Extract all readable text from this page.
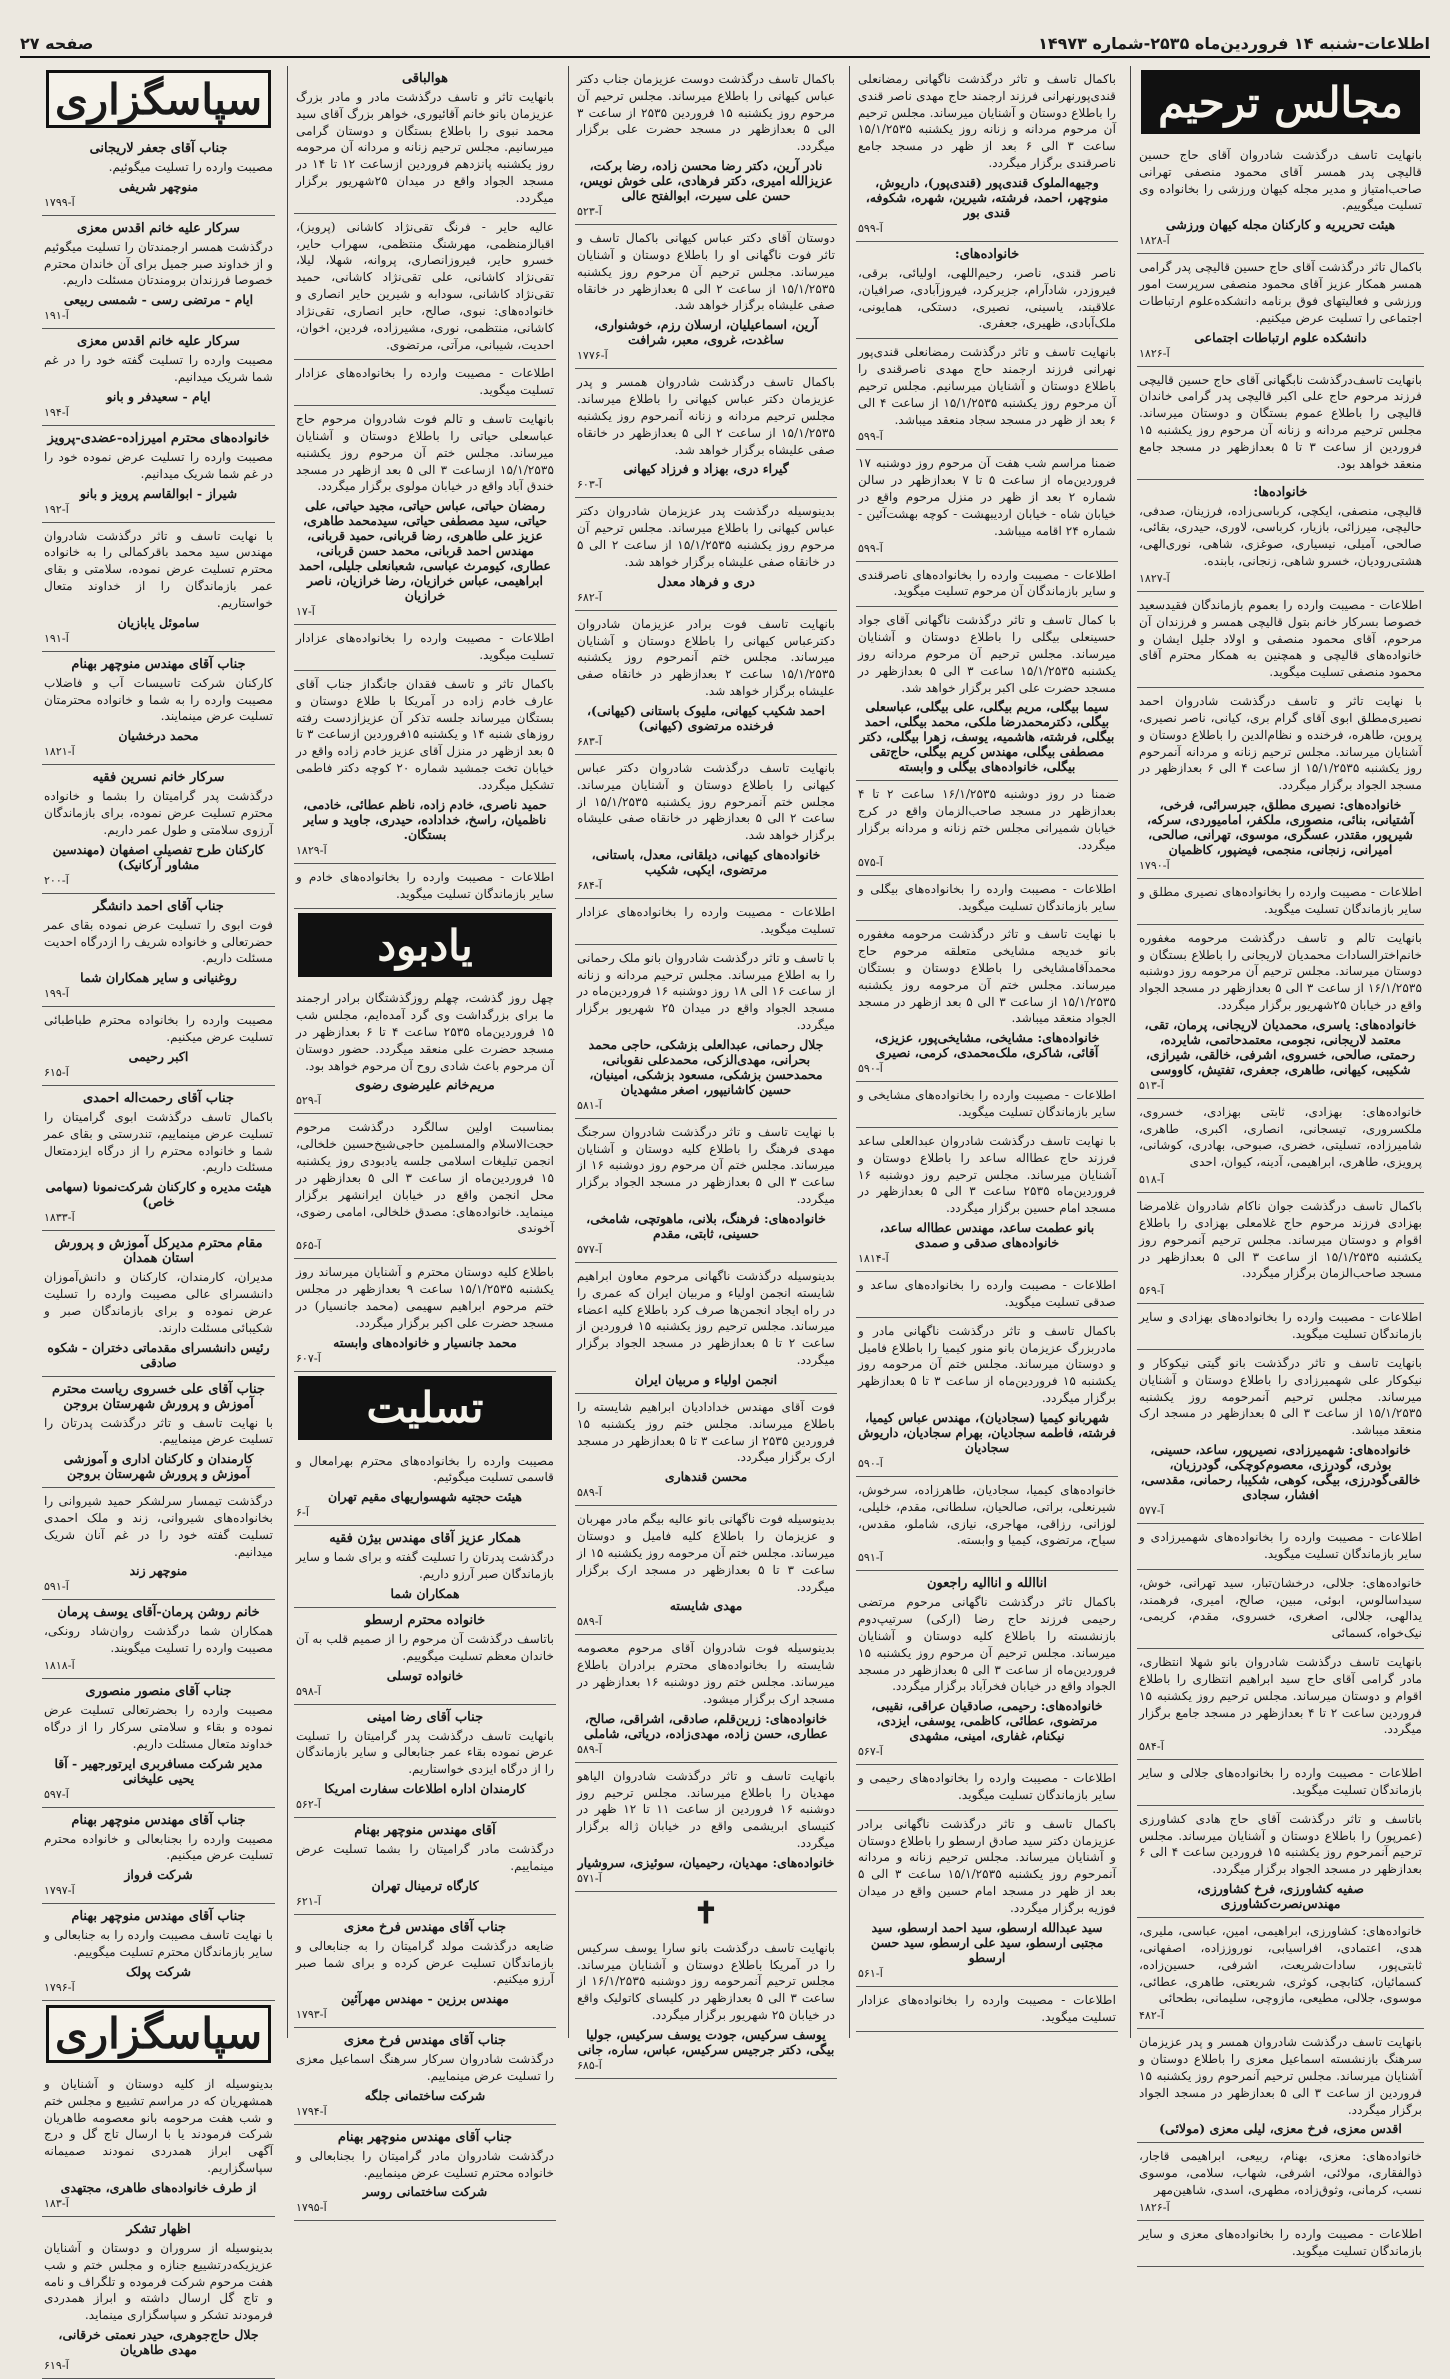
اطلاعات-شنبه ۱۴ فروردین‌ماه ۲۵۳۵-شماره ۱۴۹۷۳
صفحه ۲۷
مجالس ترحیم
بانهایت تاسف درگذشت شادروان آقای حاج حسین قالیچی پدر همسر آقای محمود منصفی تهرانی صاحب‌امتیاز و مدیر مجله کیهان ورزشی را بخانواده وی تسلیت میگوییم.
هیئت تحریریه و کارکنان مجله کیهان ورزشی
آ-۱۸۲۸
باکمال تاثر درگذشت آقای حاج حسین قالیچی پدر گرامی همسر همکار عزیز آقای محمود منصفی سرپرست امور ورزشی و فعالیتهای فوق برنامه دانشکده‌علوم ارتباطات اجتماعی را تسلیت عرض میکنیم.
دانشکده علوم ارتباطات اجتماعی
آ-۱۸۲۶
بانهایت تاسف‌درگذشت نابگهانی آقای حاج حسین قالیچی فرزند مرحوم حاج علی اکبر قالیچی پدر گرامی خاندان قالیچی را باطلاع عموم بستگان و دوستان میرساند. مجلس ترحیم مردانه و زنانه آن مرحوم روز یکشنبه ۱۵ فروردین از ساعت ۳ تا ۵ بعدازظهر در مسجد جامع منعقد خواهد بود.
خانواده‌ها:
قالیچی، منصفی، ایکچی، کرباسی‌زاده، فرزینان، صدفی، حالیچی، میرزائی، بازیار، کرباسی، لاوری، حیدری، بقائی، صالحی، آمیلی، نیسیاری، صوغزی، شاهی، نوری‌الهی، هشتی‌رودیان، خسرو شاهی، زنجانی، بابنده.
آ-۱۸۲۷
اطلاعات - مصیبت وارده را بعموم بازماندگان فقیدسعید خصوصا بسرکار خانم بتول قالیچی همسر و فرزندان آن مرحوم، آقای محمود منصفی و اولاد جلیل ایشان و خانواده‌های قالیچی و همچنین به همکار محترم آقای محمود منصفی تسلیت میگوید.
با نهایت تاثر و تاسف درگذشت شادروان احمد نصیری‌مطلق ابوی آقای گرام بری، کیانی، ناصر نصیری، پروین، طاهره، فرخنده و نظام‌الدین را باطلاع دوستان و آشنایان میرساند. مجلس ترحیم زنانه و مردانه آنمرحوم روز یکشنبه ۱۵/۱/۲۵۳۵ از ساعت ۴ الی ۶ بعدازظهر در مسجد الجواد برگزار میگردد.
خانواده‌های: نصیری مطلق، جبرسرائی، فرخی، آشتیانی، بنائی، منصوری، ملکفر، امامیوردی، سرکه، شیرپور، مقتدر، عسگری، موسوی، تهرانی، صالحی، امیرانی، زنجانی، منجمی، فیضپور، کاظمیان
آ-۱۷۹۰
اطلاعات - مصیبت وارده را بخانواده‌های نصیری مطلق و سایر بازماندگان تسلیت میگوید.
بانهایت تالم و تاسف درگذشت مرحومه مغفوره خانم‌اختر‌السادات محمدیان لاریجانی را باطلاع بستگان و دوستان میرساند. مجلس ترحیم آن مرحومه روز دوشنبه ۱۶/۱/۲۵۳۵ از ساعت ۳ الی ۵ بعدازظهر در مسجد الجواد واقع در خیابان ۲۵شهریور برگزار میگردد.
خانواده‌های: یاسری، محمدیان لاریجانی، پرمان، تقی، معتمد لاریجانی، نجومی، معتمدحاتمی، شایرده، رحمتی، صالحی، خسروی، اشرفی، خالقی، شیرازی، شکیبی، کیهانی، طاهری، جعفری، تفتیش، کاووسی
آ-۵۱۳
خانواده‌های: بهزادی، ثابتی بهزادی، خسروی، ملکسروری، تیسجانی، انصاری، اکبری، طاهری، شامیرزاده، تسلیتی، خضری، صبوحی، بهادری، کوشانی، پرویزی، طاهری، ابراهیمی، آدینه، کیوان، احدی
آ-۵۱۸
باکمال تاسف درگذشت جوان ناکام شادروان غلامرضا بهزادی فرزند مرحوم حاج غلامعلی بهزادی را باطلاع اقوام و دوستان میرساند. مجلس ترحیم آنمرحوم روز یکشنبه ۱۵/۱/۲۵۳۵ از ساعت ۳ الی ۵ بعدازظهر در مسجد صاحب‌الزمان برگزار میگردد.
آ-۵۶۹
اطلاعات - مصیبت وارده را بخانواده‌های بهزادی و سایر بازماندگان تسلیت میگوید.
بانهایت تاسف و تاثر درگذشت بانو گیتی نیکوکار و نیکوکار علی شهمیرزادی را باطلاع دوستان و آشنایان میرساند. مجلس ترحیم آنمرحومه روز یکشنبه ۱۵/۱/۲۵۳۵ از ساعت ۳ الی ۵ بعدازظهر در مسجد ارک منعقد میباشد.
خانواده‌های: شهمیرزادی، نصیرپور، ساعد، حسینی، بوذری، گودرزی، معصوم‌کوچکی، گودرزیان، خالقی‌گودرزی، بیگی، کوهی، شکیبا، رحمانی، مقدسی، افشار، سجادی
آ-۵۷۷
اطلاعات - مصیبت وارده را بخانواده‌های شهمیرزادی و سایر بازماندگان تسلیت میگوید.
خانواده‌های: جلالی، درخشان‌تبار، سید تهرانی، خوش، سیداسالوس، ابوئی، مبین، صالح، امیری، فرهمند، یدالهی، جلالی، اصغری، خسروی، مقدم، کریمی، نیک‌خواه، کسمائی
بانهایت تاسف درگذشت شادروان بانو شهلا انتظاری، مادر گرامی آقای حاج سید ابراهیم انتظاری را باطلاع اقوام و دوستان میرساند. مجلس ترحیم روز یکشنبه ۱۵ فروردین ساعت ۲ تا ۴ بعدازظهر در مسجد جامع برگزار میگردد.
آ-۵۸۴
اطلاعات - مصیبت وارده را بخانواده‌های جلالی و سایر بازماندگان تسلیت میگوید.
باتاسف و تاثر درگذشت آقای حاج هادی کشاورزی (عمرپور) را باطلاع دوستان و آشنایان میرساند. مجلس ترحیم آنمرحوم روز یکشنبه ۱۵ فروردین ساعت ۴ الی ۶ بعدازظهر در مسجد الجواد برگزار میگردد.
صفیه کشاورزی، فرخ کشاورزی، مهندس‌نصرت‌کشاورزی
خانواده‌های: کشاورزی، ابراهیمی، امین، عباسی، ملیری، هدی، اعتمادی، افراسیابی، نوروززاده، اصفهانی، ثابتی‌پور، سادات‌شریعت، اشرفی، حسین‌زاده، کسمائیان، کتابچی، کوثری، شریعتی، طاهری، عطائی، موسوی، جلالی، مطیعی، مازوچی، سلیمانی، بطحائی
آ-۴۸۲
بانهایت تاسف درگذشت شادروان همسر و پدر عزیزمان سرهنگ بازنشسته‌ اسماعیل معزی را باطلاع دوستان و آشنایان میرساند. مجلس ترحیم آنمرحوم روز یکشنبه ۱۵ فروردین از ساعت ۳ الی ۵ بعدازظهر در مسجد الجواد برگزار میگردد.
اقدس معزی، فرخ معزی، لیلی معزی (مولائی)
خانواده‌های: معزی، بهنام، ربیعی، ابراهیمی قاجار، ذوالفقاری، مولائی، اشرفی، شهاب، سلامی، موسوی نسب، کرمانی، وثوق‌زاده، مطهری، اسدی، شاهین‌مهر
آ-۱۸۲۶
اطلاعات - مصیبت وارده را بخانواده‌های معزی و سایر بازماندگان تسلیت میگوید.
باکمال تاسف و تاثر درگذشت ناگهانی رمضانعلی قندی‌پور‌نهرانی فرزند ارجمند حاج مهدی ناصر قندی را باطلاع دوستان و آشنایان میرساند. مجلس ترحیم آن مرحوم مردانه و زنانه روز یکشنبه ۱۵/۱/۲۵۳۵ ساعت ۳ الی ۶ بعد از ظهر در مسجد جامع ناصرقندی برگزار میگردد.
وجیهه‌الملوک قندی‌پور (قندی‌پور)، داریوش، منوچهر، احمد، فرشته، شیرین، شهره، شکوفه، قندی بور
آ-۵۹۹
خانواده‌های:
ناصر قندی، ناصر، رحیم‌اللهی، اولیائی، برقی، فیروزدر، شادآرام، جزیرکرد، فیروزآبادی، صرافیان، علاقبند، یاسینی، نصیری، دستکی، همایونی، ملک‌آبادی، ظهیری، جعفری.
بانهایت تاسف و تاثر درگذشت رمضانعلی قندی‌پور نهرانی فرزند ارجمند حاج مهدی ناصرقندی را باطلاع دوستان و آشنایان میرسانیم. مجلس ترحیم آن مرحوم روز یکشنبه ۱۵/۱/۲۵۳۵ از ساعت ۴ الی ۶ بعد از ظهر در مسجد سجاد منعقد میباشد.
آ-۵۹۹
ضمنا مراسم شب هفت آن مرحوم روز دوشنبه ۱۷ فروردین‌ماه از ساعت ۵ تا ۷ بعدازظهر در سالن شماره ۲ بعد از ظهر در منزل مرحوم واقع در خیابان شاه - خیابان اردیبهشت - کوچه بهشت‌آئین - شماره ۲۴ اقامه میباشد.
آ-۵۹۹
اطلاعات - مصیبت وارده را بخانواده‌های ناصرقندی و سایر بازماندگان آن مرحوم تسلیت میگوید.
با کمال تاسف و تاثر درگذشت ناگهانی آقای جواد حسینعلی بیگلی را باطلاع دوستان و آشنایان میرساند. مجلس ترحیم آن مرحوم مردانه روز یکشنبه ۱۵/۱/۲۵۳۵ ساعت ۳ الی ۵ بعدازظهر در مسجد حضرت علی اکبر برگزار خواهد شد.
سیما بیگلی، مریم بیگلی، علی بیگلی، عباسعلی بیگلی، دکترمحمدرضا ملکی، محمد بیگلی، احمد بیگلی، فرشته، هاشمیه، یوسف، زهرا بیگلی، دکتر مصطفی بیگلی، مهندس کریم بیگلی، حاج‌تقی بیگلی، خانواده‌های بیگلی و وابسته
ضمنا در روز دوشنبه ۱۶/۱/۲۵۳۵ ساعت ۲ تا ۴ بعدازظهر در مسجد صاحب‌الزمان واقع در کرج خیابان شمیرانی مجلس ختم زنانه و مردانه برگزار میگردد.
آ-۵۷۵
اطلاعات - مصیبت وارده را بخانواده‌های بیگلی و سایر بازماندگان تسلیت میگوید.
با نهایت تاسف و تاثر درگذشت مرحومه مغفوره بانو خدیجه مشایخی متعلقه مرحوم حاج محمدآقامشایخی را باطلاع دوستان و بستگان میرساند. مجلس ختم آن مرحومه روز یکشنبه ۱۵/۱/۲۵۳۵ از ساعت ۳ الی ۵ بعد ازظهر در مسجد الجواد منعقد میباشد.
خانواده‌های: مشایخی، مشایخی‌پور، عزیزی، آقائی، شاکری، ملک‌محمدی، کرمی، نصیری
آ-۵۹۰
اطلاعات - مصیبت وارده را بخانواده‌های مشایخی و سایر بازماندگان تسلیت میگوید.
با نهایت تاسف درگذشت شادروان عبدالعلی ساعد فرزند حاج عطااله ساعد را باطلاع دوستان و آشنایان میرساند. مجلس ترحیم روز دوشنبه ۱۶ فروردین‌ماه ۲۵۳۵ ساعت ۳ الی ۵ بعدازظهر در مسجد امام حسین برگزار میگردد.
بانو عطمت ساعد، مهندس عطااله ساعد، خانواده‌های صدقی و صمدی
آ-۱۸۱۴
اطلاعات - مصیبت وارده را بخانواده‌های ساعد و صدقی تسلیت میگوید.
باکمال تاسف و تاثر درگذشت ناگهانی مادر و مادربزرگ عزیزمان بانو منور کیمیا را باطلاع فامیل و دوستان میرساند. مجلس ختم آن مرحومه روز یکشنبه ۱۵ فروردین‌ماه از ساعت ۳ تا ۵ بعدازظهر برگزار میگردد.
شهربانو کیمیا (سجادیان)، مهندس عباس کیمیا، فرشته، فاطمه سجادیان، بهرام سجادیان، داریوش سجادیان
آ-۵۹۰
خانواده‌های کیمیا، سجادیان، طاهرزاده، سرخوش، شیرنعلی، براتی، صالحیان، سلطانی، مقدم، خلیلی، لوزانی، رزاقی، مهاجری، نیازی، شاملو، مقدس، سیاح، مرتضوی، کیمیا و وابسته.
آ-۵۹۱
اناالله و اناالیه راجعون
باکمال تاثر درگذشت ناگهانی مرحوم مرتضی رحیمی فرزند حاج رضا (ارکی) سرتیپ‌دوم بازنشسته را باطلاع کلیه دوستان و آشنایان میرساند. مجلس ترحیم آن مرحوم روز یکشنبه ۱۵ فروردین‌ماه از ساعت ۳ الی ۵ بعدازظهر در مسجد الجواد واقع در خیابان فخرآباد برگزار میگردد.
خانواده‌های: رحیمی، صادقیان عراقی، نقیبی، مرتضوی، عطائی، کاظمی، یوسفی، ایزدی، نیکنام، غفاری، امینی، مشهدی
آ-۵۶۷
اطلاعات - مصیبت وارده را بخانواده‌های رحیمی و سایر بازماندگان تسلیت میگوید.
باکمال تاسف و تاثر درگذشت ناگهانی برادر عزیزمان دکتر سید صادق ارسطو را باطلاع دوستان و آشنایان میرساند. مجلس ترحیم زنانه و مردانه آنمرحوم روز یکشنبه ۱۵/۱/۲۵۳۵ ساعت ۳ الی ۵ بعد از ظهر در مسجد امام حسین واقع در میدان فوزیه برگزار میگردد.
سید عبدالله ارسطو، سید احمد ارسطو، سید مجتبی ارسطو، سید علی ارسطو، سید حسن ارسطو
آ-۵۶۱
اطلاعات - مصیبت وارده را بخانواده‌های عزادار تسلیت میگوید.
باکمال تاسف درگذشت دوست عزیزمان جناب دکتر عباس کیهانی را باطلاع میرساند. مجلس ترحیم آن مرحوم روز یکشنبه ۱۵ فروردین ۲۵۳۵ از ساعت ۳ الی ۵ بعدازظهر در مسجد حضرت علی برگزار میگردد.
نادر آرین، دکتر رضا محسن زاده، رضا برکت، عزیزالله امیری، دکتر فرهادی، علی خوش نویس، حسن علی سیرت، ابوالفتح عالی
آ-۵۲۳
دوستان آقای دکتر عباس کیهانی باکمال تاسف و تاثر فوت ناگهانی او را باطلاع دوستان و آشنایان میرساند. مجلس ترحیم آن مرحوم روز یکشنبه ۱۵/۱/۲۵۳۵ از ساعت ۲ الی ۵ بعدازظهر در خانقاه صفی علیشاه برگزار خواهد شد.
آرین، اسماعیلیان، ارسلان رزم، خوشنواری، ساغدت، غروی، معبر، شرافت
آ-۱۷۷۶
باکمال تاسف درگذشت شادروان همسر و پدر عزیزمان دکتر عباس کیهانی را باطلاع میرساند. مجلس ترحیم مردانه و زنانه آنمرحوم روز یکشنبه ۱۵/۱/۲۵۳۵ از ساعت ۲ الی ۵ بعدازظهر در خانقاه صفی علیشاه برگزار خواهد شد.
گیراء دری، بهزاد و فرزاد کیهانی
آ-۶۰۳
بدینوسیله درگذشت پدر عزیزمان شادروان دکتر عباس کیهانی را باطلاع میرساند. مجلس ترحیم آن مرحوم روز یکشنبه ۱۵/۱/۲۵۳۵ از ساعت ۲ الی ۵ در خانقاه صفی علیشاه برگزار خواهد شد.
دری و فرهاد معدل
آ-۶۸۲
بانهایت تاسف فوت برادر عزیزمان شادروان دکترعباس کیهانی را باطلاع دوستان و آشنایان میرساند. مجلس ختم آنمرحوم روز یکشنبه ۱۵/۱/۲۵۳۵ ساعت ۲ بعدازظهر در خانقاه صفی علیشاه برگزار خواهد شد.
احمد شکیب کیهانی، ملیوک باستانی (کیهانی)، فرخنده مرتضوی (کیهانی)
آ-۶۸۳
بانهایت تاسف درگذشت شادروان دکتر عباس کیهانی را باطلاع دوستان و آشنایان میرساند. مجلس ختم آنمرحوم روز یکشنبه ۱۵/۱/۲۵۳۵ از ساعت ۲ الی ۵ بعدازظهر در خانقاه صفی علیشاه برگزار خواهد شد.
خانواده‌های کیهانی، دیلقانی، معدل، باستانی، مرتضوی، ایکپی، شکیب
آ-۶۸۴
اطلاعات - مصیبت وارده را بخانواده‌های عزادار تسلیت میگوید.
با تاسف و تاثر درگذشت شادروان بانو ملک رحمانی را به اطلاع میرساند. مجلس ترحیم مردانه و زنانه از ساعت ۱۶ الی ۱۸ روز دوشنبه ۱۶ فروردین‌ماه در مسجد الجواد واقع در میدان ۲۵ شهریور برگزار میگردد.
جلال رحمانی، عبدالعلی بزشکی، حاجی محمد بحرانی، مهدی‌الزکی، محمدعلی نقوبانی، محمدحسن بزشکی، مسعود بزشکی، امینیان، حسین کاشانیپور، اصغر مشهدیان
آ-۵۸۱
با نهایت تاسف و تاثر درگذشت شادروان سرجنگ مهدی فرهنگ را باطلاع کلیه دوستان و آشنایان میرساند. مجلس ختم آن مرحوم روز دوشنبه ۱۶ از ساعت ۳ الی ۵ بعدازظهر در مسجد الجواد برگزار میگردد.
خانواده‌های: فرهنگ، بلانی، ماهوتچی، شامخی، حسینی، ثابتی، مقدم
آ-۵۷۷
بدینوسیله درگذشت ناگهانی مرحوم معاون ابراهیم شایسته انجمن اولیاء و مربیان ایران که عمری را در راه ایجاد انجمن‌ها صرف کرد باطلاع کلیه اعضاء میرساند. مجلس ترحیم روز یکشنبه ۱۵ فروردین از ساعت ۲ تا ۵ بعدازظهر در مسجد الجواد برگزار میگردد.
انجمن اولیاء و مربیان ایران
فوت آقای مهندس خدادادیان ابراهیم شایسته را باطلاع میرساند. مجلس ختم روز یکشنبه ۱۵ فروردین ۲۵۳۵ از ساعت ۳ تا ۵ بعدازظهر در مسجد ارک برگزار میگردد.
محسن قندهاری
آ-۵۸۹
بدینوسیله فوت ناگهانی بانو عالیه بیگم مادر مهربان و عزیزمان را باطلاع کلیه فامیل و دوستان میرساند. مجلس ختم آن مرحومه روز یکشنبه ۱۵ از ساعت ۳ تا ۵ بعدازظهر در مسجد ارک برگزار میگردد.
مهدی شایسته
آ-۵۸۹
بدینوسیله فوت شادروان آقای مرحوم معصومه شایسته را بخانواده‌های محترم برادران باطلاع میرساند. مجلس ختم روز دوشنبه ۱۶ بعدازظهر در مسجد ارک برگزار میشود.
خانواده‌های: زرین‌قلم، صادقی، اشراقی، صالح، عطاری، حسن زاده، مهدی‌زاده، دریاتی، شاملی
آ-۵۸۹
بانهایت تاسف و تاثر درگذشت شادروان الیاهو مهدیان را باطلاع میرساند. مجلس ترحیم روز دوشنبه ۱۶ فروردین از ساعت ۱۱ تا ۱۲ ظهر در کنیسای ابریشمی واقع در خیابان ژاله برگزار میگردد.
خانواده‌های: مهدیان، رحیمیان، سوئیزی، سروشیار
آ-۵۷۱
✝
بانهایت تاسف درگذشت بانو سارا یوسف سرکیس را در آمریکا باطلاع دوستان و آشنایان میرساند. مجلس ترحیم آنمرحومه روز دوشنبه ۱۶/۱/۲۵۳۵ از ساعت ۳ الی ۵ بعدازظهر در کلیسای کاتولیک واقع در خیابان ۲۵ شهریور برگزار میگردد.
یوسف سرکیس، جودت یوسف سرکیس، جولیا بیگی، دکتر جرجیس سرکیس، عباس، ساره، جانی
آ-۶۸۵
هوالباقی
بانهایت تاثر و تاسف درگذشت مادر و مادر بزرگ عزیزمان بانو خانم آقائیوری، خواهر بزرگ آقای سید محمد نبوی را باطلاع بستگان و دوستان گرامی میرسانیم. مجلس ترحیم زنانه و مردانه آن مرحومه روز یکشنبه پانزدهم فروردین ازساعت ۱۲ تا ۱۴ در مسجد الجواد واقع در میدان ۲۵شهریور برگزار میگردد.
عالیه حایر - فرنگ تقی‌نژاد کاشانی (پرویز)، اقبالزمنظمی، مهرشنگ منتظمی، سهراب حایر، خسرو حایر، فیروزانصاری، پروانه، شهلا، لیلا، تقی‌نژاد کاشانی، علی تقی‌نژاد کاشانی، حمید تقی‌نژاد کاشانی، سودابه و شیرین حایر انصاری و خانواده‌های: نبوی، صالح، حایر انصاری، تقی‌نژاد کاشانی، منتظمی، نوری، مشیرزاده، فردین، اخوان، احدیت، شیبانی، مرآتی، مرتضوی.
اطلاعات - مصیبت وارده را بخانواده‌های عزادار تسلیت میگوید.
بانهایت تاسف و تالم فوت شادروان مرحوم حاج عباسعلی حیاتی را باطلاع دوستان و آشنایان میرساند. مجلس ختم آن مرحوم روز یکشنبه ۱۵/۱/۲۵۳۵ ازساعت ۳ الی ۵ بعد ازظهر در مسجد خندق آباد واقع در خیابان مولوی برگزار میگردد.
رمضان حیاتی، عباس حیاتی، مجید حیاتی، علی حیاتی، سید مصطفی حیاتی، سیدمحمد طاهری، عزیز علی طاهری، رضا قربانی، حمید قربانی، مهندس احمد قربانی، محمد حسن قربانی، عطاری، کیومرث عباسی، شعبانعلی جلیلی، احمد ابراهیمی، عباس خرازیان، رضا خرازیان، ناصر خرازیان
آ-۱۷
اطلاعات - مصیبت وارده را بخانواده‌های عزادار تسلیت میگوید.
باکمال تاثر و تاسف فقدان جانگداز جناب آقای عارف خادم زاده در آمریکا با طلاع دوستان و بستگان میرساند جلسه تذکر آن عزیزازدست رفته روزهای شنبه ۱۴ و یکشنبه ۱۵فروردین ازساعت ۳ تا ۵ بعد ازظهر در منزل آقای عزیز خادم زاده واقع در خیابان تخت جمشید شماره ۲۰ کوچه دکتر فاطمی تشکیل میگردد.
حمید ناصری، خادم زاده، ناظم عطائی، خادمی، ناظمیان، راسخ، خداداده، حیدری، جاوید و سایر بستگان.
آ-۱۸۲۹
اطلاعات - مصیبت وارده را بخانواده‌های خادم و سایر بازماندگان تسلیت میگوید.
یادبود
چهل روز گذشت، چهلم روزگذشتگان برادر ارجمند ما برای بزرگداشت وی گرد آمده‌ایم، مجلس شب ۱۵ فروردین‌ماه ۲۵۳۵ ساعت ۴ تا ۶ بعدازظهر در مسجد حضرت علی منعقد میگردد. حضور دوستان آن مرحوم باعث شادی روح آن مرحوم خواهد بود.
مریم‌خانم علیرضوی رضوی
آ-۵۲۹
بمناسبت اولین سالگرد درگذشت مرحوم حجت‌الاسلام والمسلمین حاجی‌شیخ‌حسین خلخالی، انجمن تبلیغات اسلامی جلسه یادبودی روز یکشنبه ۱۵ فروردین‌ماه از ساعت ۳ الی ۵ بعدازظهر در محل انجمن واقع در خیابان ایرانشهر برگزار مینماید. خانواده‌های: مصدق خلخالی، امامی رضوی، آخوندی
آ-۵۶۵
باطلاع کلیه دوستان محترم و آشنایان میرساند روز یکشنبه ۱۵/۱/۲۵۳۵ ساعت ۹ بعدازظهر در مجلس ختم مرحوم ابراهیم سهیمی (محمد جانسیار) در مسجد حضرت علی اکبر برگزار میگردد.
محمد جانسیار و خانواده‌های وابسته
آ-۶۰۷
تسلیت
مصیبت وارده را بخانواده‌های محترم بهرامعال و قاسمی تسلیت میگوئیم.
هیئت حجتیه شهسواریهای مقیم تهران
آ-۶
همکار عزیز آقای مهندس بیژن فقیه
درگذشت پدرتان را تسلیت گفته و برای شما و سایر بازماندگان صبر آرزو داریم.
همکاران شما
خانواده محترم ارسطو
باتاسف درگذشت آن مرحوم را از صمیم قلب به آن خاندان معظم تسلیت میگوییم.
خانواده توسلی
آ-۵۹۸
جناب آقای رضا امینی
بانهایت تاسف درگذشت پدر گرامیتان را تسلیت عرض نموده بقاء عمر جنابعالی و سایر بازماندگان را از درگاه ایزدی خواستاریم.
کارمندان اداره اطلاعات سفارت امریکا
آ-۵۶۲
آقای مهندس منوچهر بهنام
درگذشت مادر گرامیتان را بشما تسلیت عرض مینماییم.
کارگاه ترمینال تهران
آ-۶۲۱
جناب آقای مهندس فرخ معزی
ضایعه درگذشت مولد گرامیتان را به جنابعالی و بازماندگان تسلیت عرض کرده و برای شما صبر آرزو میکنیم.
مهندس برزین - مهندس مهرآئین
آ-۱۷۹۳
جناب آقای مهندس فرخ معزی
درگذشت شادروان سرکار سرهنگ اسماعیل معزی را تسلیت عرض مینماییم.
شرکت ساختمانی جلگه
آ-۱۷۹۴
جناب آقای مهندس منوچهر بهنام
درگذشت شادروان مادر گرامیتان را بجنابعالی و خانواده محترم تسلیت عرض مینماییم.
شرکت ساختمانی روسر
آ-۱۷۹۵
سپاسگزاری
جناب آقای جعفر لاریجانی
مصیبت وارده را تسلیت میگوئیم.
منوچهر شریفی
آ-۱۷۹۹
سرکار علیه خانم اقدس معزی
درگذشت همسر ارجمندتان را تسلیت میگوئیم و از خداوند صبر جمیل برای آن خاندان محترم خصوصا فرزندان برومندتان مسئلت داریم.
ایام - مرتضی رسی - شمسی ربیعی
آ-۱۹۱
سرکار علیه خانم اقدس معزی
مصیبت وارده را تسلیت گفته خود را در غم شما شریک میدانیم.
ایام - سعیدفر و بانو
آ-۱۹۴
خانواده‌های محترم امیرزاده-عضدی-پرویز
مصیبت وارده را تسلیت عرض نموده خود را در غم شما شریک میدانیم.
شیراز - ابوالقاسم پرویز و بانو
آ-۱۹۲
با نهایت تاسف و تاثر درگذشت شادروان مهندس سید محمد باقرکمالی را به خانواده محترم تسلیت عرض نموده، سلامتی و بقای عمر بازماندگان را از خداوند متعال خواستاریم.
ساموئل یابازیان
آ-۱۹۱
جناب آقای مهندس منوچهر بهنام
کارکنان شرکت تاسیسات آب و فاضلاب مصیبت وارده را به شما و خانواده محترمتان تسلیت عرض مینمایند.
محمد درخشیان
آ-۱۸۲۱
سرکار خانم نسرین فقیه
درگذشت پدر گرامیتان را بشما و خانواده محترم تسلیت عرض نموده، برای بازماندگان آرزوی سلامتی و طول عمر داریم.
کارکنان طرح تفصیلی اصفهان (مهندسین مشاور آرکانیک)
آ-۲۰۰
جناب آقای احمد دانشگر
فوت ابوی را تسلیت عرض نموده بقای عمر حضرتعالی و خانواده شریف را ازدرگاه احدیت مسئلت داریم.
روغنیانی و سایر همکاران شما
آ-۱۹۹
مصیبت وارده را بخانواده محترم طباطبائی تسلیت عرض میکنیم.
اکبر رحیمی
آ-۶۱۵
جناب آقای رحمت‌اله احمدی
باکمال تاسف درگذشت ابوی گرامیتان را تسلیت عرض مینماییم، تندرستی و بقای عمر شما و خانواده محترم را از درگاه ایزدمتعال مسئلت داریم.
هیئت مدیره و کارکنان شرکت‌نمونا (سهامی خاص)
آ-۱۸۳۳
مقام محترم مدیرکل آموزش و پرورش استان همدان
مدیران، کارمندان، کارکنان و دانش‌آموزان دانشسرای عالی مصیبت وارده را تسلیت عرض نموده و برای بازماندگان صبر و شکیبائی مسئلت دارند.
رئیس دانشسرای مقدماتی دختران - شکوه صادقی
جناب آقای علی خسروی ریاست محترم آموزش و پرورش شهرستان بروجن
با نهایت تاسف و تاثر درگذشت پدرتان را تسلیت عرض مینماییم.
کارمندان و کارکنان اداری و آموزشی آموزش و پرورش شهرستان بروجن
درگذشت تیمسار سرلشکر حمید شیروانی را بخانواده‌های شیروانی، زند و ملک احمدی تسلیت گفته خود را در غم آنان شریک میدانیم.
منوچهر زند
آ-۵۹۱
خانم روشن پرمان-آقای یوسف پرمان
همکاران شما درگذشت روان‌شاد رونکی، مصیبت وارده را تسلیت میگویند.
آ-۱۸۱۸
جناب آقای منصور منصوری
مصیبت وارده را بحضرتعالی تسلیت عرض نموده و بقاء و سلامتی سرکار را از درگاه خداوند متعال مسئلت داریم.
مدیر شرکت مسافربری ایرتورجهیر - آقا یحیی علیخانی
آ-۵۹۷
جناب آقای مهندس منوچهر بهنام
مصیبت وارده را بجنابعالی و خانواده محترم تسلیت عرض میکنیم.
شرکت فرواز
آ-۱۷۹۷
جناب آقای مهندس منوچهر بهنام
با نهایت تاسف مصیبت وارده را به جنابعالی و سایر بازماندگان محترم تسلیت میگوییم.
شرکت پولک
آ-۱۷۹۶
سپاسگزاری
بدینوسیله از کلیه دوستان و آشنایان و همشهریان که در مراسم تشییع و مجلس ختم و شب هفت مرحومه بانو معصومه طاهریان شرکت فرمودند یا با ارسال تاج گل و درج آگهی ابراز همدردی نمودند صمیمانه سپاسگزاریم.
از طرف خانواده‌های طاهری، مجتهدی
آ-۱۸۳
اظهار تشکر
بدینوسیله از سروران و دوستان و آشنایان عزیزیکه‌درتشییع جنازه و مجلس ختم و شب هفت مرحوم شرکت فرموده و تلگراف و نامه و تاج گل ارسال داشته و ابراز همدردی فرمودند تشکر و سپاسگزاری مینماید.
جلال حاج‌جوهری، حیدر نعمتی خرقانی، مهدی طاهریان
آ-۶۱۹
